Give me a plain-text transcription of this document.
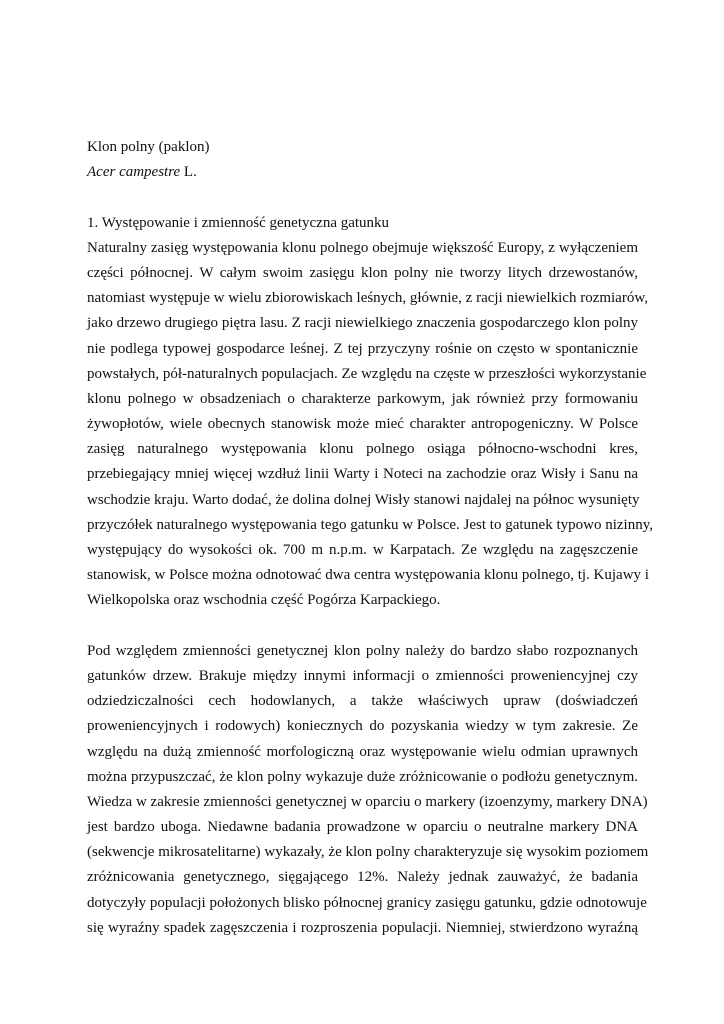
Klon polny (paklon)
Acer campestre L.
1. Występowanie i zmienność genetyczna gatunku
Naturalny zasięg występowania klonu polnego obejmuje większość Europy, z wyłączeniem
części północnej. W całym swoim zasięgu klon polny nie tworzy litych drzewostanów,
natomiast występuje w wielu zbiorowiskach leśnych, głównie, z racji niewielkich rozmiarów,
jako drzewo drugiego piętra lasu. Z racji niewielkiego znaczenia gospodarczego klon polny
nie podlega typowej gospodarce leśnej. Z tej przyczyny rośnie on często w spontanicznie
powstałych, pół-naturalnych populacjach. Ze względu na częste w przeszłości wykorzystanie
klonu polnego w obsadzeniach o charakterze parkowym, jak również przy formowaniu
żywopłotów, wiele obecnych stanowisk może mieć charakter antropogeniczny. W Polsce
zasięg naturalnego występowania klonu polnego osiąga północno-wschodni kres,
przebiegający mniej więcej wzdłuż linii Warty i Noteci na zachodzie oraz Wisły i Sanu na
wschodzie kraju. Warto dodać, że dolina dolnej Wisły stanowi najdalej na północ wysunięty
przyczółek naturalnego występowania tego gatunku w Polsce. Jest to gatunek typowo nizinny,
występujący do wysokości ok. 700 m n.p.m. w Karpatach. Ze względu na zagęszczenie
stanowisk, w Polsce można odnotować dwa centra występowania klonu polnego, tj. Kujawy i
Wielkopolska oraz wschodnia część Pogórza Karpackiego.
Pod względem zmienności genetycznej klon polny należy do bardzo słabo rozpoznanych
gatunków drzew. Brakuje między innymi informacji o zmienności proweniencyjnej czy
odziedziczalności cech hodowlanych, a także właściwych upraw (doświadczeń
proweniencyjnych i rodowych) koniecznych do pozyskania wiedzy w tym zakresie. Ze
względu na dużą zmienność morfologiczną oraz występowanie wielu odmian uprawnych
można przypuszczać, że klon polny wykazuje duże zróżnicowanie o podłożu genetycznym.
Wiedza w zakresie zmienności genetycznej w oparciu o markery (izoenzymy, markery DNA)
jest bardzo uboga. Niedawne badania prowadzone w oparciu o neutralne markery DNA
(sekwencje mikrosatelitarne) wykazały, że klon polny charakteryzuje się wysokim poziomem
zróżnicowania genetycznego, sięgającego 12%. Należy jednak zauważyć, że badania
dotyczyły populacji położonych blisko północnej granicy zasięgu gatunku, gdzie odnotowuje
się wyraźny spadek zagęszczenia i rozproszenia populacji. Niemniej, stwierdzono wyraźną
